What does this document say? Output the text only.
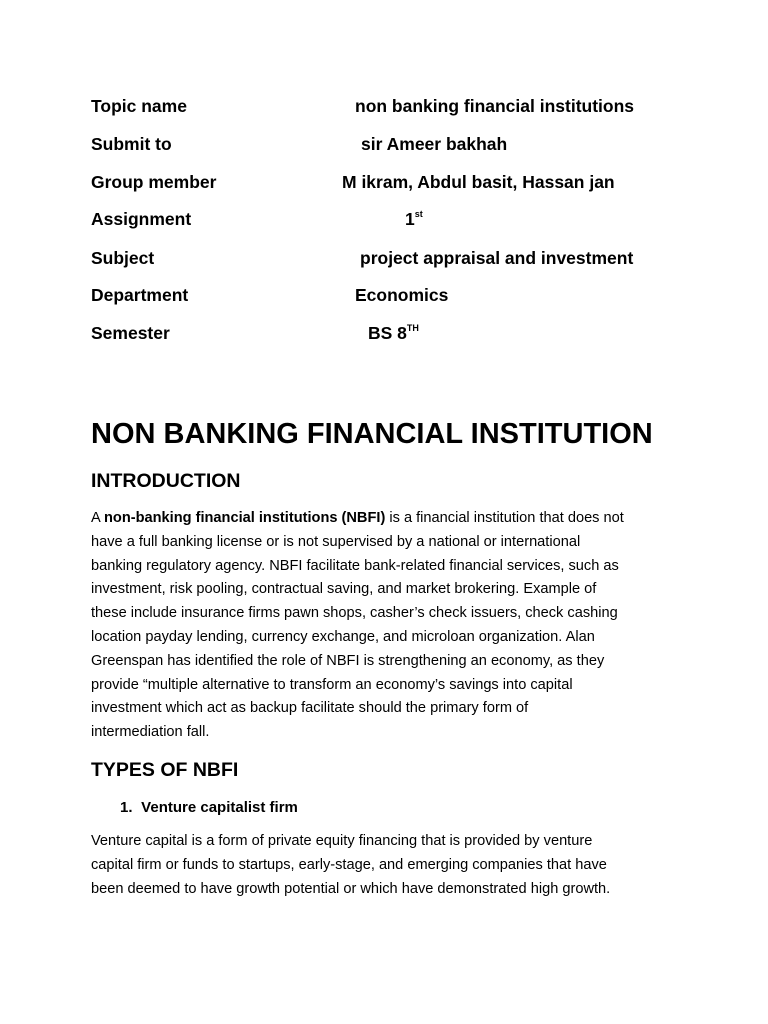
Topic name	non banking financial institutions
Submit to	sir Ameer bakhah
Group member	M ikram, Abdul basit, Hassan jan
Assignment	1st
Subject	project appraisal and investment
Department	Economics
Semester	BS 8TH
NON BANKING FINANCIAL INSTITUTION
INTRODUCTION
A non-banking financial institutions (NBFI) is a financial institution that does not
have a full banking license or is not supervised by a national or international
banking regulatory agency. NBFI facilitate bank-related financial services, such as
investment, risk pooling, contractual saving, and market brokering. Example of
these include insurance firms pawn shops, casher’s check issuers, check cashing
location payday lending, currency exchange, and microloan organization. Alan
Greenspan has identified the role of NBFI is strengthening an economy, as they
provide “multiple alternative to transform an economy’s savings into capital
investment which act as backup facilitate should the primary form of
intermediation fall.
TYPES OF NBFI
1. Venture capitalist firm
Venture capital is a form of private equity financing that is provided by venture
capital firm or funds to startups, early-stage, and emerging companies that have
been deemed to have growth potential or which have demonstrated high growth.
